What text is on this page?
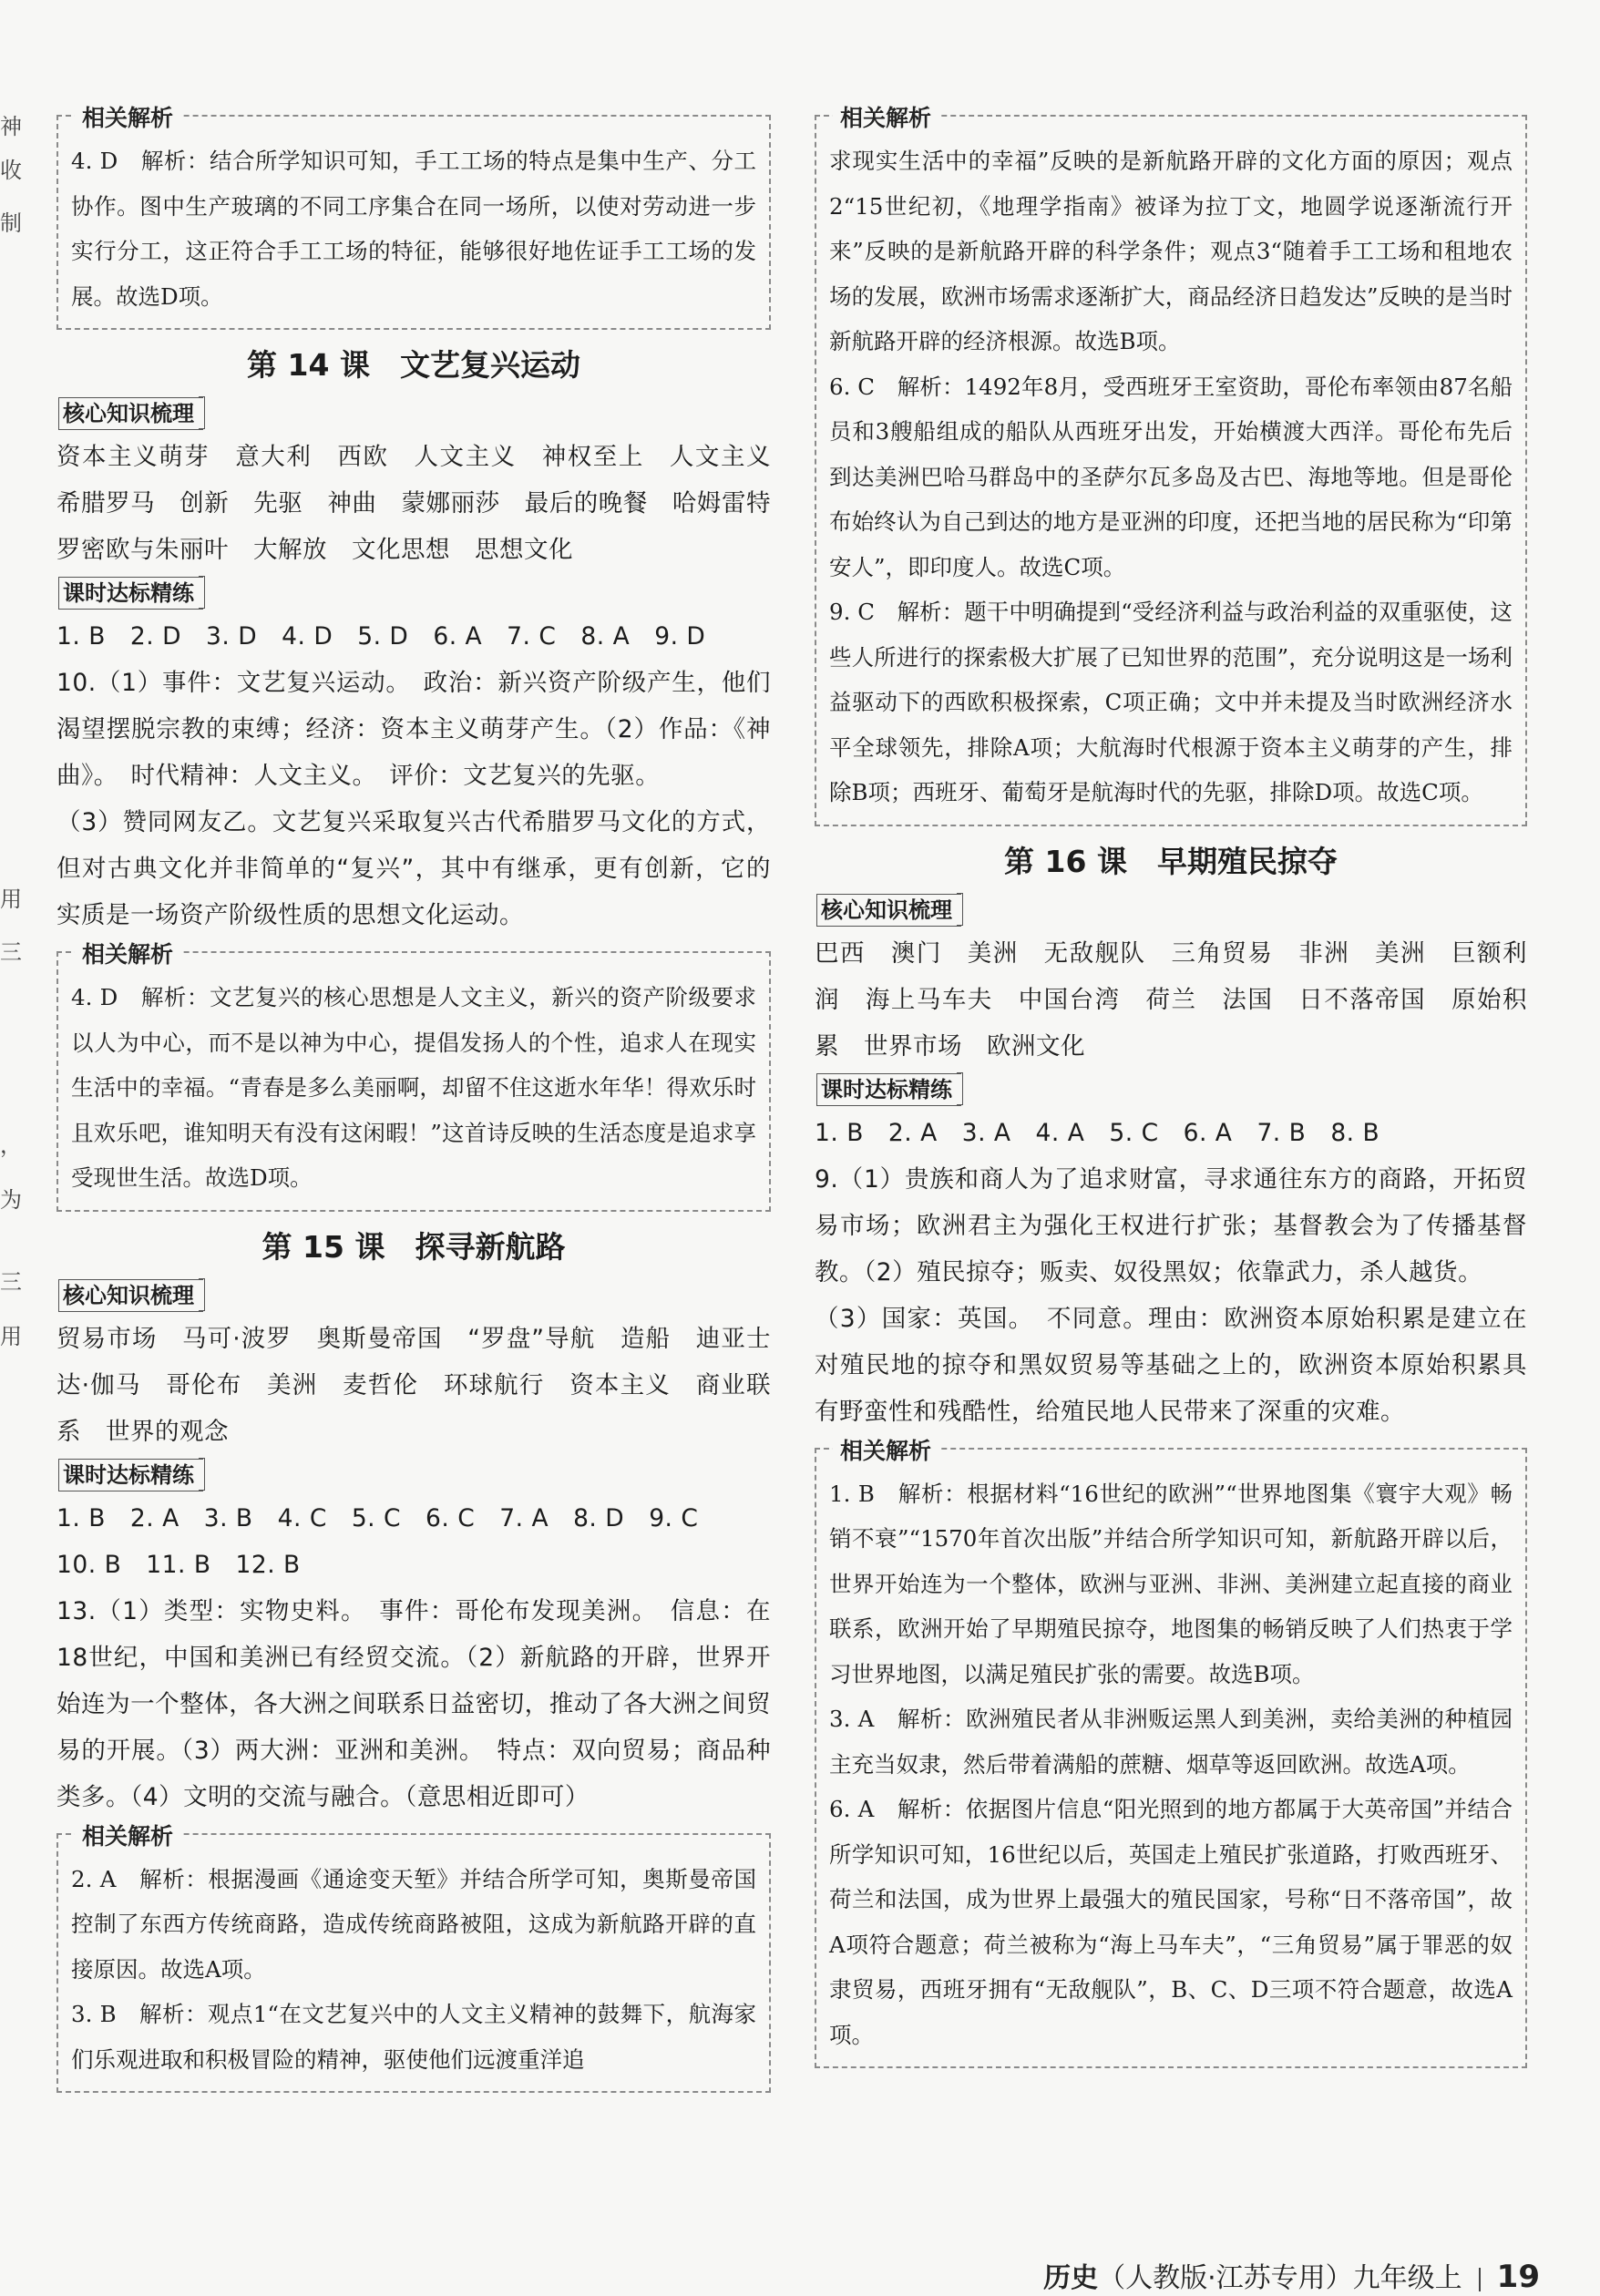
神
收
制
用
三
，
为
三
用
相关解析

4. D　解析：结合所学知识可知，手工工场的特点是集中生产、分工协作。图中生产玻璃的不同工序集合在同一场所，以使对劳动进一步实行分工，这正符合手工工场的特征，能够很好地佐证手工工场的发展。故选D项。

第 14 课　文艺复兴运动
核心知识梳理

资本主义萌芽　意大利　西欧　人文主义　神权至上　人文主义　希腊罗马　创新　先驱　神曲　蒙娜丽莎　最后的晚餐　哈姆雷特　罗密欧与朱丽叶　大解放　文化思想　思想文化

课时达标精练

1. B　2. D　3. D　4. D　5. D　6. A　7. C　8. A　9. D

10.（1）事件：文艺复兴运动。　政治：新兴资产阶级产生，他们渴望摆脱宗教的束缚；经济：资本主义萌芽产生。（2）作品：《神曲》。　时代精神：人文主义。　评价：文艺复兴的先驱。

（3）赞同网友乙。文艺复兴采取复兴古代希腊罗马文化的方式，但对古典文化并非简单的“复兴”，其中有继承，更有创新，它的实质是一场资产阶级性质的思想文化运动。

相关解析

4. D　解析：文艺复兴的核心思想是人文主义，新兴的资产阶级要求以人为中心，而不是以神为中心，提倡发扬人的个性，追求人在现实生活中的幸福。“青春是多么美丽啊，却留不住这逝水年华！得欢乐时且欢乐吧，谁知明天有没有这闲暇！”这首诗反映的生活态度是追求享受现世生活。故选D项。

第 15 课　探寻新航路
核心知识梳理

贸易市场　马可·波罗　奥斯曼帝国　“罗盘”导航　造船　迪亚士　达·伽马　哥伦布　美洲　麦哲伦　环球航行　资本主义　商业联系　世界的观念

课时达标精练

1. B　2. A　3. B　4. C　5. C　6. C　7. A　8. D　9. C

10. B　11. B　12. B

13.（1）类型：实物史料。　事件：哥伦布发现美洲。　信息：在18世纪，中国和美洲已有经贸交流。（2）新航路的开辟，世界开始连为一个整体，各大洲之间联系日益密切，推动了各大洲之间贸易的开展。（3）两大洲：亚洲和美洲。　特点：双向贸易；商品种类多。（4）文明的交流与融合。（意思相近即可）

相关解析

2. A　解析：根据漫画《通途变天堑》并结合所学可知，奥斯曼帝国控制了东西方传统商路，造成传统商路被阻，这成为新航路开辟的直接原因。故选A项。
3. B　解析：观点1“在文艺复兴中的人文主义精神的鼓舞下，航海家们乐观进取和积极冒险的精神，驱使他们远渡重洋追

相关解析

求现实生活中的幸福”反映的是新航路开辟的文化方面的原因；观点2“15世纪初，《地理学指南》被译为拉丁文，地圆学说逐渐流行开来”反映的是新航路开辟的科学条件；观点3“随着手工工场和租地农场的发展，欧洲市场需求逐渐扩大，商品经济日趋发达”反映的是当时新航路开辟的经济根源。故选B项。
6. C　解析：1492年8月，受西班牙王室资助，哥伦布率领由87名船员和3艘船组成的船队从西班牙出发，开始横渡大西洋。哥伦布先后到达美洲巴哈马群岛中的圣萨尔瓦多岛及古巴、海地等地。但是哥伦布始终认为自己到达的地方是亚洲的印度，还把当地的居民称为“印第安人”，即印度人。故选C项。
9. C　解析：题干中明确提到“受经济利益与政治利益的双重驱使，这些人所进行的探索极大扩展了已知世界的范围”，充分说明这是一场利益驱动下的西欧积极探索，C项正确；文中并未提及当时欧洲经济水平全球领先，排除A项；大航海时代根源于资本主义萌芽的产生，排除B项；西班牙、葡萄牙是航海时代的先驱，排除D项。故选C项。

第 16 课　早期殖民掠夺
核心知识梳理

巴西　澳门　美洲　无敌舰队　三角贸易　非洲　美洲　巨额利润　海上马车夫　中国台湾　荷兰　法国　日不落帝国　原始积累　世界市场　欧洲文化

课时达标精练

1. B　2. A　3. A　4. A　5. C　6. A　7. B　8. B

9.（1）贵族和商人为了追求财富，寻求通往东方的商路，开拓贸易市场；欧洲君主为强化王权进行扩张；基督教会为了传播基督教。（2）殖民掠夺；贩卖、奴役黑奴；依靠武力，杀人越货。

（3）国家：英国。　不同意。理由：欧洲资本原始积累是建立在对殖民地的掠夺和黑奴贸易等基础之上的，欧洲资本原始积累具有野蛮性和残酷性，给殖民地人民带来了深重的灾难。

相关解析

1. B　解析：根据材料“16世纪的欧洲”“世界地图集《寰宇大观》畅销不衰”“1570年首次出版”并结合所学知识可知，新航路开辟以后，世界开始连为一个整体，欧洲与亚洲、非洲、美洲建立起直接的商业联系，欧洲开始了早期殖民掠夺，地图集的畅销反映了人们热衷于学习世界地图，以满足殖民扩张的需要。故选B项。
3. A　解析：欧洲殖民者从非洲贩运黑人到美洲，卖给美洲的种植园主充当奴隶，然后带着满船的蔗糖、烟草等返回欧洲。故选A项。
6. A　解析：依据图片信息“阳光照到的地方都属于大英帝国”并结合所学知识可知，16世纪以后，英国走上殖民扩张道路，打败西班牙、荷兰和法国，成为世界上最强大的殖民国家，号称“日不落帝国”，故A项符合题意；荷兰被称为“海上马车夫”，“三角贸易”属于罪恶的奴隶贸易，西班牙拥有“无敌舰队”，B、C、D三项不符合题意，故选A项。

历史（人教版·江苏专用）九年级上 19
